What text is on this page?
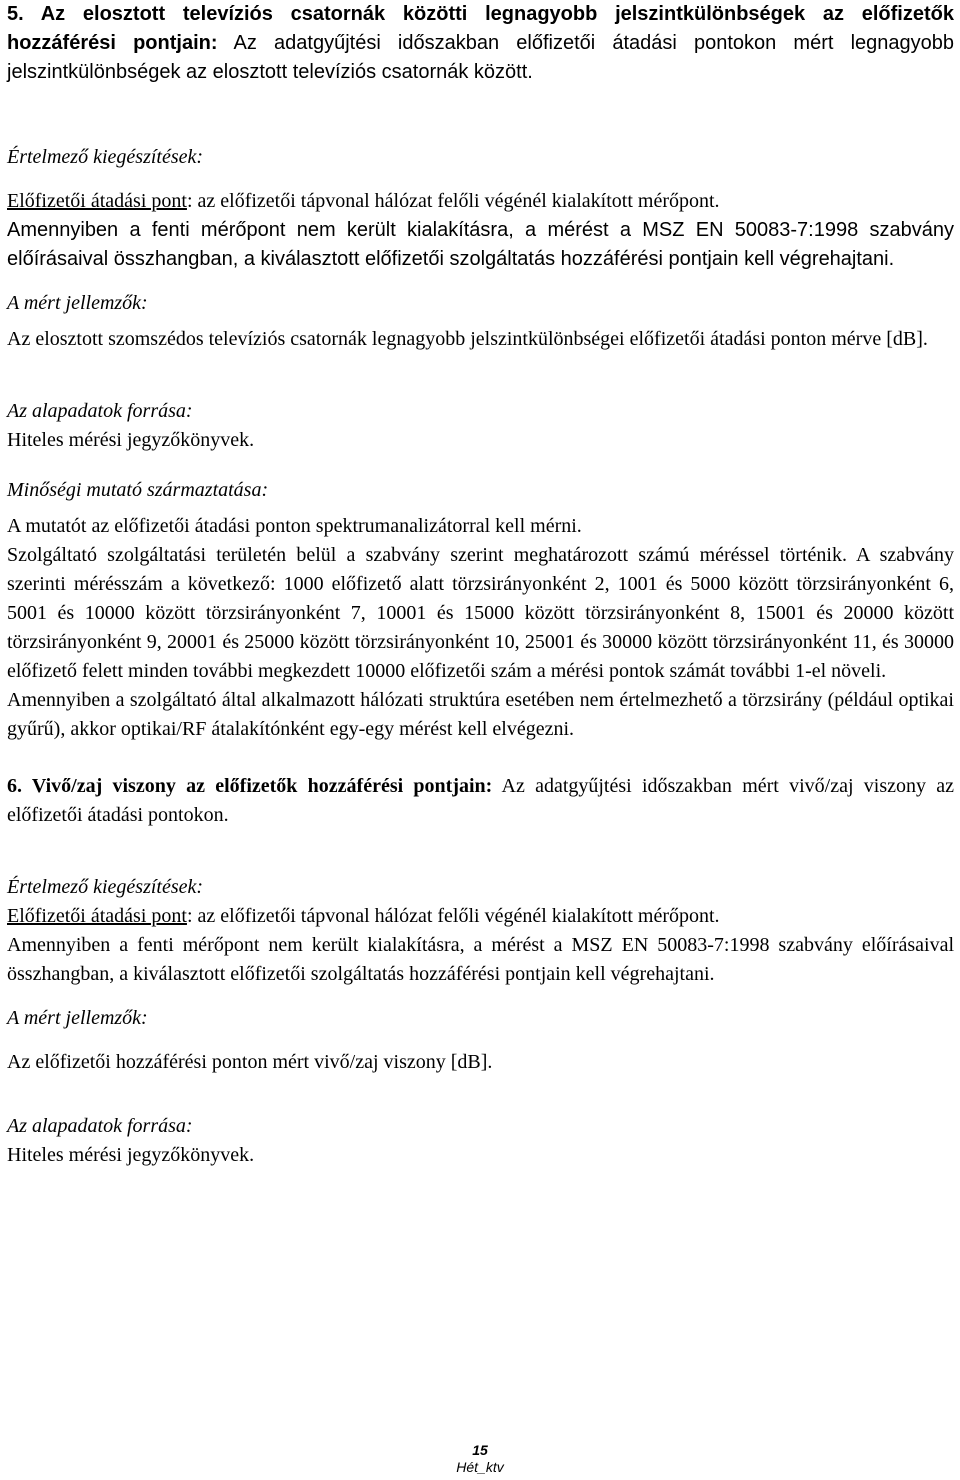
5. Az elosztott televíziós csatornák közötti legnagyobb jelszintkülönbségek az előfizetők hozzáférési pontjain: Az adatgyűjtési időszakban előfizetői átadási pontokon mért legnagyobb jelszintkülönbségek az elosztott televíziós csatornák között.

Értelmező kiegészítések:

Előfizetői átadási pont: az előfizetői tápvonal hálózat felőli végénél kialakított mérőpont.

Amennyiben a fenti mérőpont nem került kialakításra, a mérést a MSZ EN 50083-7:1998 szabvány előírásaival összhangban, a kiválasztott előfizetői szolgáltatás hozzáférési pontjain kell végrehajtani.

A mért jellemzők:

Az elosztott szomszédos televíziós csatornák legnagyobb jelszintkülönbségei előfizetői átadási ponton mérve [dB].

Az alapadatok forrása:

Hiteles mérési jegyzőkönyvek.

Minőségi mutató származtatása:

A mutatót az előfizetői átadási ponton spektrumanalizátorral kell mérni.

Szolgáltató szolgáltatási területén belül a szabvány szerint meghatározott számú méréssel történik. A szabvány szerinti mérésszám a következő: 1000 előfizető alatt törzsirányonként 2, 1001 és 5000 között törzsirányonként 6, 5001 és 10000 között törzsirányonként 7, 10001 és 15000 között törzsirányonként 8, 15001 és 20000 között törzsirányonként 9, 20001 és 25000 között törzsirányonként 10, 25001 és 30000 között törzsirányonként 11, és 30000 előfizető felett minden további megkezdett 10000 előfizetői szám a mérési pontok számát további 1-el növeli.

Amennyiben a szolgáltató által alkalmazott hálózati struktúra esetében nem értelmezhető a törzsirány (például optikai gyűrű), akkor optikai/RF átalakítónként egy-egy mérést kell elvégezni.

6. Vivő/zaj viszony az előfizetők hozzáférési pontjain: Az adatgyűjtési időszakban mért vivő/zaj viszony az előfizetői átadási pontokon.

Értelmező kiegészítések:

Előfizetői átadási pont: az előfizetői tápvonal hálózat felőli végénél kialakított mérőpont.

Amennyiben a fenti mérőpont nem került kialakításra, a mérést a MSZ EN 50083-7:1998 szabvány előírásaival összhangban, a kiválasztott előfizetői szolgáltatás hozzáférési pontjain kell végrehajtani.

A mért jellemzők:

Az előfizetői hozzáférési ponton mért vivő/zaj viszony [dB].

Az alapadatok forrása:

Hiteles mérési jegyzőkönyvek.

15
Hét_ktv
